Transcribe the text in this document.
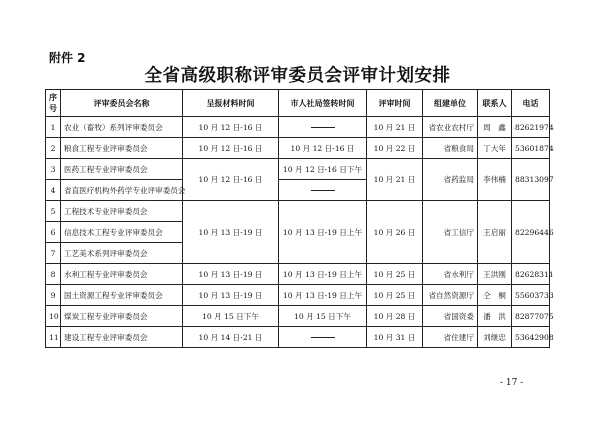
附件 2
全省高级职称评审委员会评审计划安排
序
号	评审委员会名称	呈报材料时间	市人社局签转时间	评审时间	组建单位	联系人	电话
1	农业（畜牧）系列评审委员会	10 月 12 日-16 日		10 月 21 日	省农业农村厅	周　鑫	82621974
2	粮食工程专业评审委员会	10 月 12 日-16 日	10 月 12 日-16 日	10 月 22 日	省粮食局	丁大年	53601874
3	医药工程专业评审委员会	10 月 12 日-16 日	10 月 12 日-16 日下午	10 月 21 日	省药监局	李伟楠	88313097
4	省直医疗机构外药学专业评审委员会						
5	工程技术专业评审委员会	10 月 13 日-19 日	10 月 13 日-19 日上午	10 月 26 日	省工信厅	王启丽	82296446
6	信息技术工程专业评审委员会						
7	工艺美术系列评审委员会						
8	水利工程专业评审委员会	10 月 13 日-19 日	10 月 13 日-19 日上午	10 月 25 日	省水利厅	王洪刚	82628311
9	国土资源工程专业评审委员会	10 月 13 日-19 日	10 月 13 日-19 日上午	10 月 25 日	省自然资源厅	仝　桐	55603733
10	煤炭工程专业评审委员会	10 月 15 日下午	10 月 15 日下午	10 月 28 日	省国资委	潘　洪	82877075
11	建设工程专业评审委员会	10 月 14 日-21 日		10 月 31 日	省住建厅	刘继忠	53642908
- 17 -
